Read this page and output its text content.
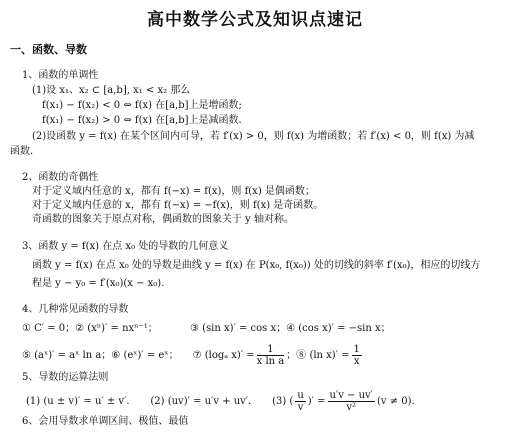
高中数学公式及知识点速记
一、函数、导数
1、函数的单调性
(1)设 x₁、x₂ ⊂ [a,b], x₁ < x₂ 那么
f(x₁) − f(x₂) < 0 ⇔ f(x) 在[a,b]上是增函数;
f(x₁) − f(x₂) > 0 ⇔ f(x) 在[a,b]上是减函数.
(2)设函数 y = f(x) 在某个区间内可导，若 f′(x) > 0，则 f(x) 为增函数；若 f′(x) < 0，则 f(x) 为减
函数.
2、函数的奇偶性
对于定义域内任意的 x，都有 f(−x) = f(x)，则 f(x) 是偶函数；
对于定义域内任意的 x，都有 f(−x) = −f(x)，则 f(x) 是奇函数。
奇函数的图象关于原点对称，偶函数的图象关于 y 轴对称。
3、函数 y = f(x) 在点 x₀ 处的导数的几何意义
函数 y = f(x) 在点 x₀ 处的导数是曲线 y = f(x) 在 P(x₀, f(x₀)) 处的切线的斜率 f′(x₀)，相应的切线方
程是 y − y₀ = f′(x₀)(x − x₀).
4、几种常见函数的导数
① C′ = 0；② (xⁿ)′ = nxⁿ⁻¹；	③ (sin x)′ = cos x；④ (cos x)′ = −sin x；
⑤ (aˣ)′ = aˣ ln a；⑥ (eˣ)′ = eˣ； ⑦ (logₐ $x)' = \frac{1}{\text{x ln a}}$ ；⑧ (ln $x)' = \frac{1}{x}$
5、导数的运算法则
(1) (u ± v)′ = u′ ± v′． (2) (uv)′ = u′v + uv′． (3) ( $\frac{u}{v}$ )′ = $\frac{u'v - uv'}{\text{v²}} (v \ne 0)$.
6、会用导数求单调区间、极值、最值
